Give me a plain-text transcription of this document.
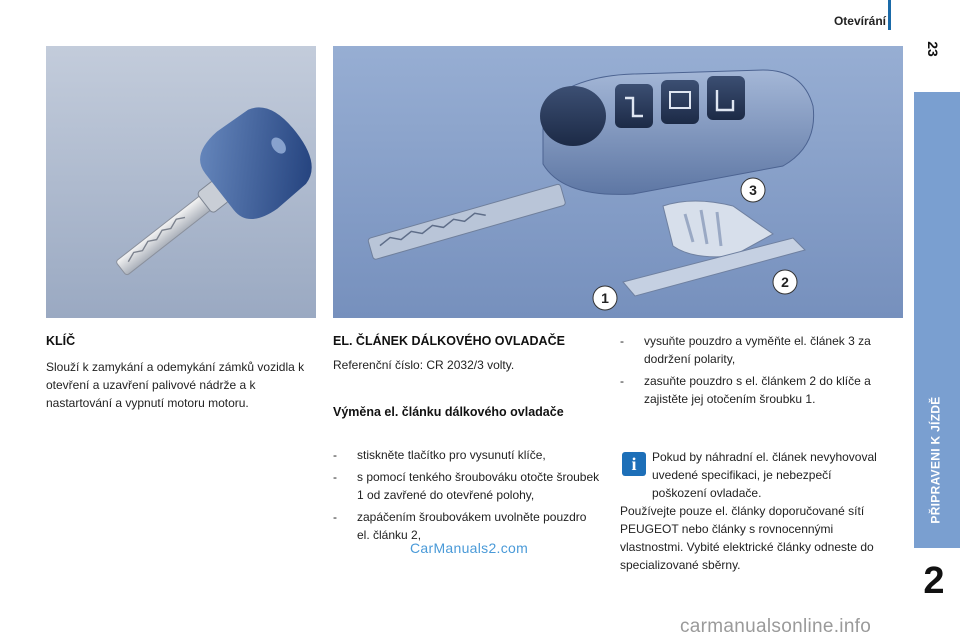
Otevírání
23
PŘIPRAVENI K JÍZDĚ
2
3
2
1
KLÍČ

Slouží k zamykání a odemykání zámků vozidla k otevření a uzavření palivové nádrže a k nastartování a vypnutí motoru motoru.

EL. ČLÁNEK DÁLKOVÉHO OVLADAČE

Referenční číslo: CR 2032/3 volty.

Výměna el. článku dálkového ovladače
- stiskněte tlačítko pro vysunutí klíče,
- s pomocí tenkého šroubováku otočte šroubek 1 od zavřené do otevřené polohy,
- zapáčením šroubovákem uvolněte pouzdro el. článku 2,
- vysuňte pouzdro a vyměňte el. článek 3 za dodržení polarity,
- zasuňte pouzdro s el. článkem 2 do klíče a zajistěte jej otočením šroubku 1.
i	Pokud by náhradní el. článek nevyhovoval uvedené specifikaci, je nebezpečí poškození ovladače.

Používejte pouze el. články doporučované sítí PEUGEOT nebo články s rovnocennými vlastnostmi. Vybité elektrické články odneste do specializované sběrny.

CarManuals2.com
carmanualsonline.info
